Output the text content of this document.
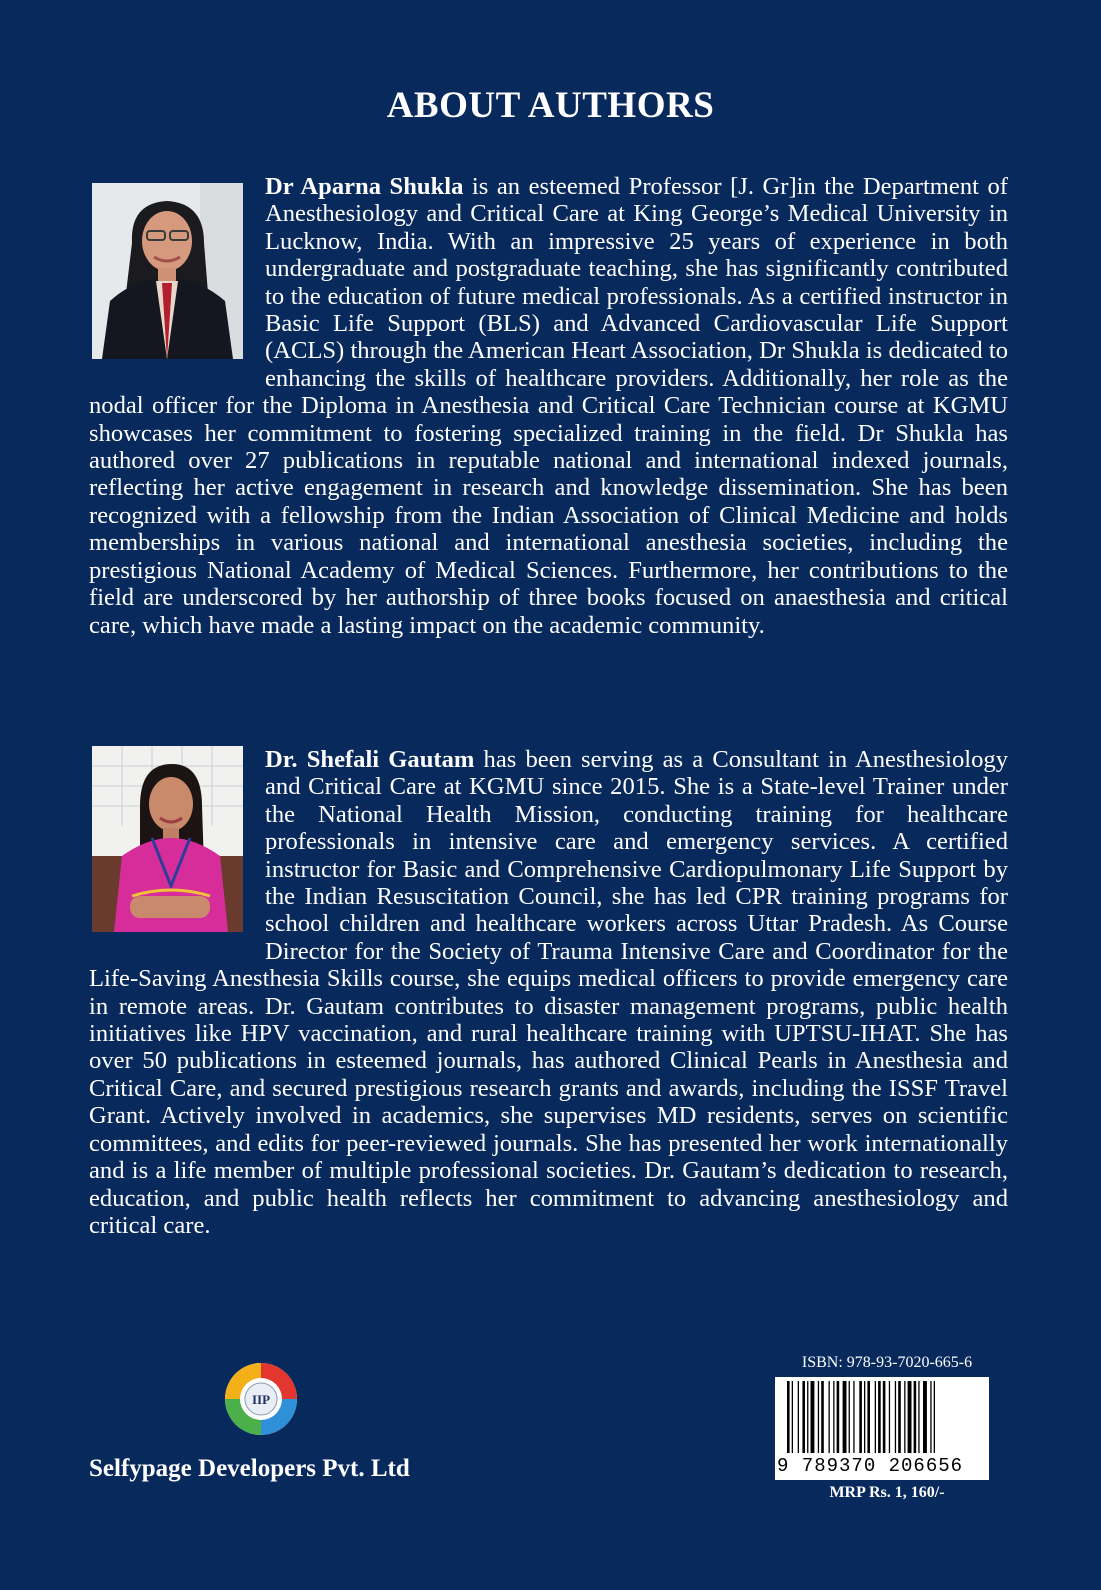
ABOUT AUTHORS
Dr Aparna Shukla is an esteemed Professor [J. Gr]in the Department of Anesthesiology and Critical Care at King George’s Medical University in Lucknow, India. With an impressive 25 years of experience in both undergraduate and postgraduate teaching, she has significantly contributed to the education of future medical professionals. As a certified instructor in Basic Life Support (BLS) and Advanced Cardiovascular Life Support (ACLS) through the American Heart Association, Dr Shukla is dedicated to enhancing the skills of healthcare providers. Additionally, her role as the nodal officer for the Diploma in Anesthesia and Critical Care Technician course at KGMU showcases her commitment to fostering specialized training in the field. Dr Shukla has authored over 27 publications in reputable national and international indexed journals, reflecting her active engagement in research and knowledge dissemination. She has been recognized with a fellowship from the Indian Association of Clinical Medicine and holds memberships in various national and international anesthesia societies, including the prestigious National Academy of Medical Sciences. Furthermore, her contributions to the field are underscored by her authorship of three books focused on anaesthesia and critical care, which have made a lasting impact on the academic community.
Dr. Shefali Gautam has been serving as a Consultant in Anesthesiology and Critical Care at KGMU since 2015. She is a State-level Trainer under the National Health Mission, conducting training for healthcare professionals in intensive care and emergency services. A certified instructor for Basic and Comprehensive Cardiopulmonary Life Support by the Indian Resuscitation Council, she has led CPR training programs for school children and healthcare workers across Uttar Pradesh. As Course Director for the Society of Trauma Intensive Care and Coordinator for the Life-Saving Anesthesia Skills course, she equips medical officers to provide emergency care in remote areas. Dr. Gautam contributes to disaster management programs, public health initiatives like HPV vaccination, and rural healthcare training with UPTSU-IHAT. She has over 50 publications in esteemed journals, has authored Clinical Pearls in Anesthesia and Critical Care, and secured prestigious research grants and awards, including the ISSF Travel Grant. Actively involved in academics, she supervises MD residents, serves on scientific committees, and edits for peer-reviewed journals. She has presented her work internationally and is a life member of multiple professional societies. Dr. Gautam’s dedication to research, education, and public health reflects her commitment to advancing anesthesiology and critical care.
IIP
Selfypage Developers Pvt. Ltd
ISBN: 978-93-7020-665-6
9 789370 206656
MRP Rs. 1, 160/-
